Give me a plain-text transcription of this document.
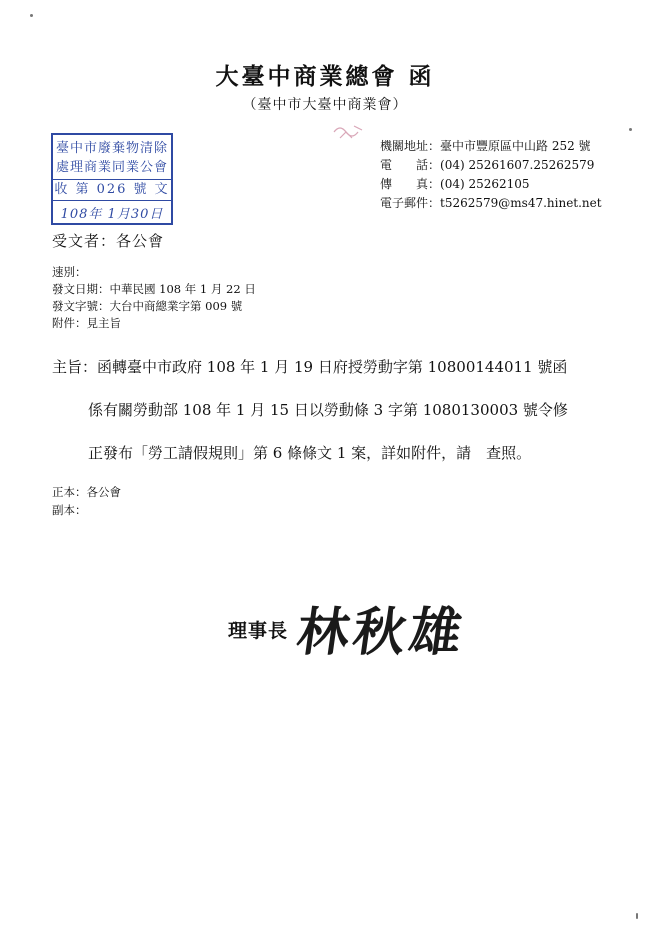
大臺中商業總會 函
（臺中市大臺中商業會）
臺中市廢棄物清除
處理商業同業公會
收 第 026 號 文
108年 1月30日
機關地址：臺中市豐原區中山路 252 號
電　　話：(04) 25261607.25262579
傳　　真：(04) 25262105
電子郵件：t5262579@ms47.hinet.net
受文者：各公會
速別：
發文日期：中華民國 108 年 1 月 22 日
發文字號：大台中商總業字第 009 號
附件：見主旨
主旨：函轉臺中市政府 108 年 1 月 19 日府授勞動字第 10800144011 號函
係有關勞動部 108 年 1 月 15 日以勞動條 3 字第 1080130003 號令修
正發布「勞工請假規則」第 6 條條文 1 案，詳如附件，請　查照。
正本：各公會
副本：
理事長 林秋雄
